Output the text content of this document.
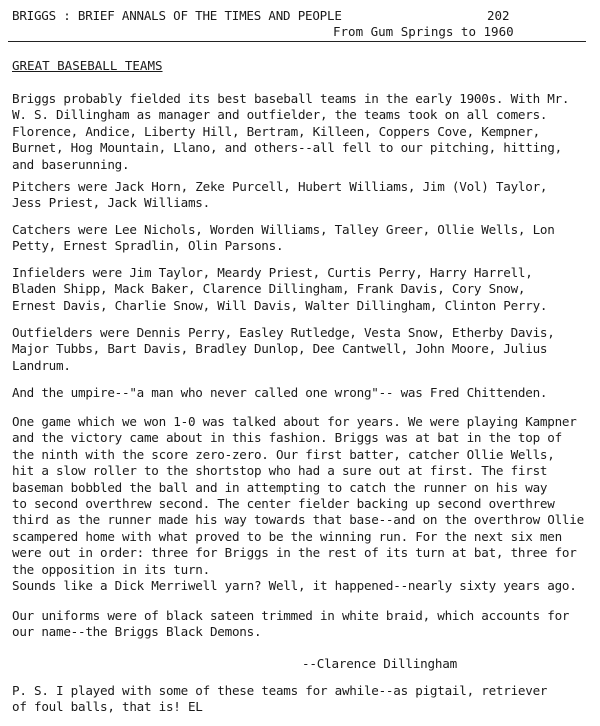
BRIGGS : BRIEF ANNALS OF THE TIMES AND PEOPLE	202
From Gum Springs to 1960
GREAT BASEBALL TEAMS

Briggs probably fielded its best baseball teams in the early 1900s. With Mr.
W. S. Dillingham as manager and outfielder, the teams took on all comers.
Florence, Andice, Liberty Hill, Bertram, Killeen, Coppers Cove, Kempner,
Burnet, Hog Mountain, Llano, and others--all fell to our pitching, hitting,
and baserunning.

Pitchers were Jack Horn, Zeke Purcell, Hubert Williams, Jim (Vol) Taylor,
Jess Priest, Jack Williams.

Catchers were Lee Nichols, Worden Williams, Talley Greer, Ollie Wells, Lon
Petty, Ernest Spradlin, Olin Parsons.

Infielders were Jim Taylor, Meardy Priest, Curtis Perry, Harry Harrell,
Bladen Shipp, Mack Baker, Clarence Dillingham, Frank Davis, Cory Snow,
Ernest Davis, Charlie Snow, Will Davis, Walter Dillingham, Clinton Perry.

Outfielders were Dennis Perry, Easley Rutledge, Vesta Snow, Etherby Davis,
Major Tubbs, Bart Davis, Bradley Dunlop, Dee Cantwell, John Moore, Julius
Landrum.

And the umpire--"a man who never called one wrong"-- was Fred Chittenden.

One game which we won 1-0 was talked about for years. We were playing Kampner
and the victory came about in this fashion. Briggs was at bat in the top of
the ninth with the score zero-zero. Our first batter, catcher Ollie Wells,
hit a slow roller to the shortstop who had a sure out at first. The first
baseman bobbled the ball and in attempting to catch the runner on his way
to second overthrew second. The center fielder backing up second overthrew
third as the runner made his way towards that base--and on the overthrow Ollie
scampered home with what proved to be the winning run. For the next six men
were out in order: three for Briggs in the rest of its turn at bat, three for
the opposition in its turn.

Sounds like a Dick Merriwell yarn? Well, it happened--nearly sixty years ago.

Our uniforms were of black sateen trimmed in white braid, which accounts for
our name--the Briggs Black Demons.

--Clarence Dillingham

P. S. I played with some of these teams for awhile--as pigtail, retriever
of foul balls, that is! EL
